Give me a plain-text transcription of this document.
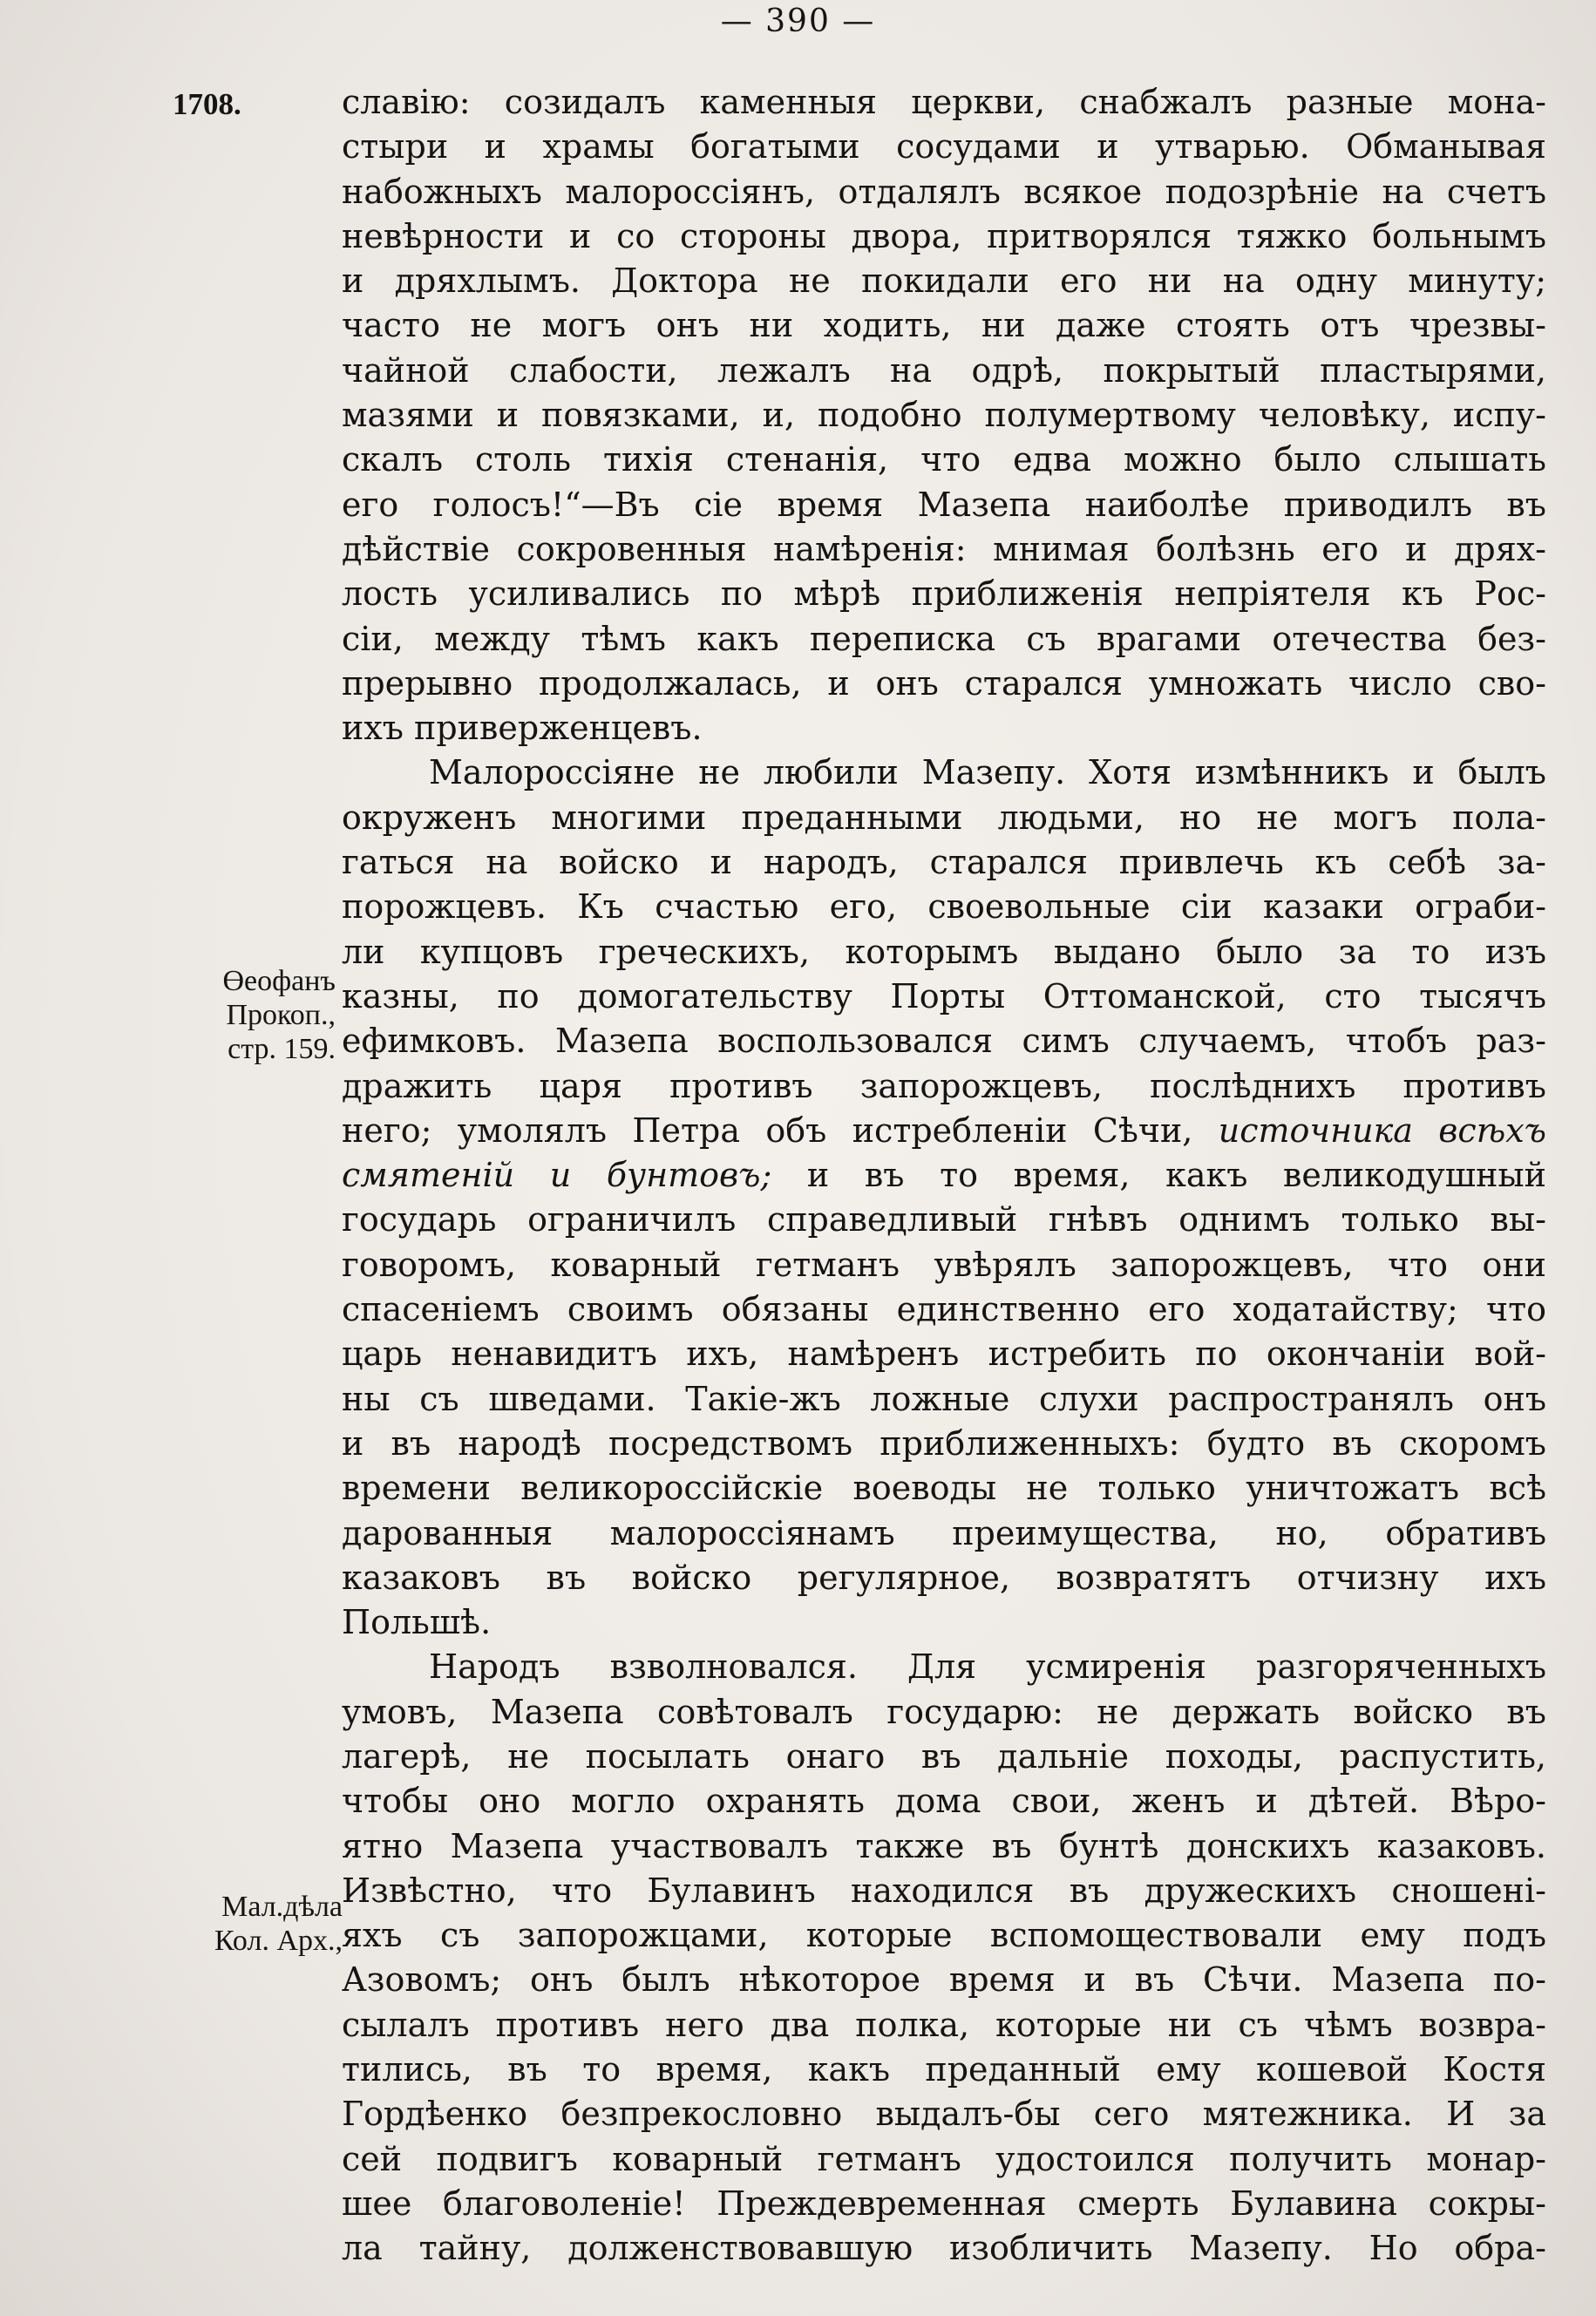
— 390 —
1708.
Өеофанъ
Прокоп.,
стр. 159.
Мал.дѣла
Кол. Арх.,
славію: созидалъ каменныя церкви, снабжалъ разные мона-
стыри и храмы богатыми сосудами и утварью. Обманывая
набожныхъ малороссіянъ, отдалялъ всякое подозрѣніе на счетъ
невѣрности и со стороны двора, притворялся тяжко больнымъ
и дряхлымъ. Доктора не покидали его ни на одну минуту;
часто не могъ онъ ни ходить, ни даже стоять отъ чрезвы-
чайной слабости, лежалъ на одрѣ, покрытый пластырями,
мазями и повязками, и, подобно полумертвому человѣку, испу-
скалъ столь тихія стенанія, что едва можно было слышать
его голосъ!“—Въ сіе время Мазепа наиболѣе приводилъ въ
дѣйствіе сокровенныя намѣренія: мнимая болѣзнь его и дрях-
лость усиливались по мѣрѣ приближенія непріятеля къ Рос-
сіи, между тѣмъ какъ переписка съ врагами отечества без-
прерывно продолжалась, и онъ старался умножать число сво-
ихъ приверженцевъ.
Малороссіяне не любили Мазепу. Хотя измѣнникъ и былъ
окруженъ многими преданными людьми, но не могъ пола-
гаться на войско и народъ, старался привлечь къ себѣ за-
порожцевъ. Къ счастью его, своевольные сіи казаки ограби-
ли купцовъ греческихъ, которымъ выдано было за то изъ
казны, по домогательству Порты Оттоманской, сто тысячъ
ефимковъ. Мазепа воспользовался симъ случаемъ, чтобъ раз-
дражить царя противъ запорожцевъ, послѣднихъ противъ
него; умолялъ Петра объ истребленіи Сѣчи, источника всѣхъ
смятеній и бунтовъ; и въ то время, какъ великодушный
государь ограничилъ справедливый гнѣвъ однимъ только вы-
говоромъ, коварный гетманъ увѣрялъ запорожцевъ, что они
спасеніемъ своимъ обязаны единственно его ходатайству; что
царь ненавидитъ ихъ, намѣренъ истребить по окончаніи вой-
ны съ шведами. Такіе-жъ ложные слухи распространялъ онъ
и въ народѣ посредствомъ приближенныхъ: будто въ скоромъ
времени великороссійскіе воеводы не только уничтожатъ всѣ
дарованныя малороссіянамъ преимущества, но, обративъ
казаковъ въ войско регулярное, возвратятъ отчизну ихъ
Польшѣ.
Народъ взволновался. Для усмиренія разгоряченныхъ
умовъ, Мазепа совѣтовалъ государю: не держать войско въ
лагерѣ, не посылать онаго въ дальніе походы, распустить,
чтобы оно могло охранять дома свои, женъ и дѣтей. Вѣро-
ятно Мазепа участвовалъ также въ бунтѣ донскихъ казаковъ.
Извѣстно, что Булавинъ находился въ дружескихъ сношені-
яхъ съ запорожцами, которые вспомоществовали ему подъ
Азовомъ; онъ былъ нѣкоторое время и въ Сѣчи. Мазепа по-
сылалъ противъ него два полка, которые ни съ чѣмъ возвра-
тились, въ то время, какъ преданный ему кошевой Костя
Гордѣенко безпрекословно выдалъ-бы сего мятежника. И за
сей подвигъ коварный гетманъ удостоился получить монар-
шее благоволеніе! Преждевременная смерть Булавина сокры-
ла тайну, долженствовавшую изобличить Мазепу. Но обра-
